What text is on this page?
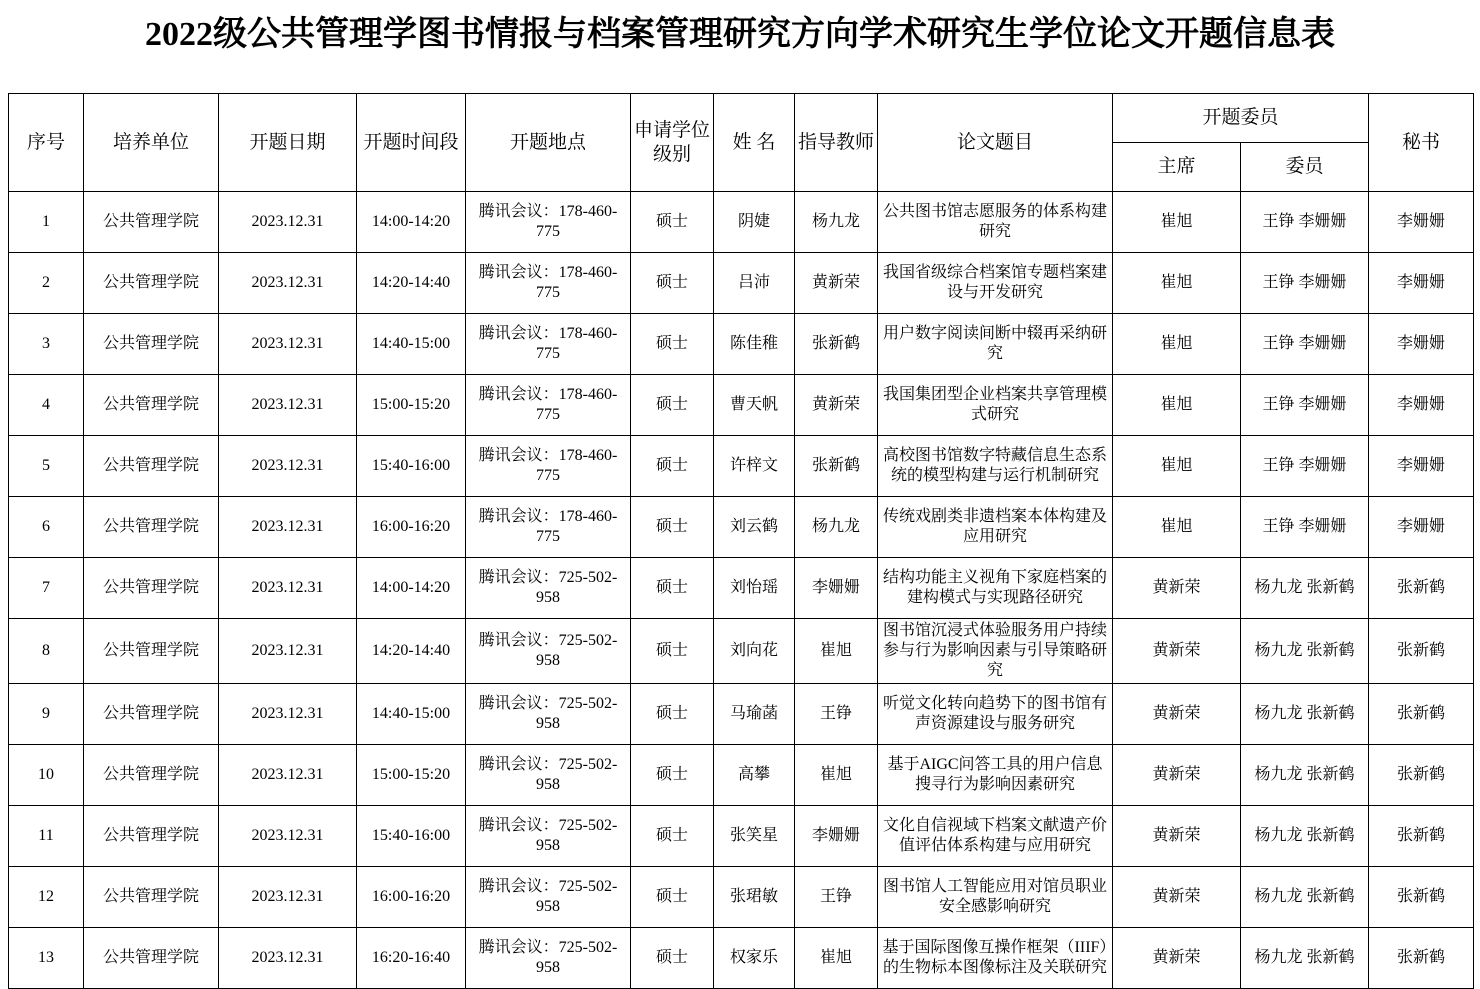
2022级公共管理学图书情报与档案管理研究方向学术研究生学位论文开题信息表
序号	培养单位	开题日期	开题时间段	开题地点	申请学位级别	姓 名	指导教师	论文题目	开题委员		秘书
									主席	委员	
1	公共管理学院	2023.12.31	14:00-14:20	腾讯会议：178-460-775	硕士	阴婕	杨九龙	公共图书馆志愿服务的体系构建研究	崔旭	王铮 李姗姗	李姗姗
2	公共管理学院	2023.12.31	14:20-14:40	腾讯会议：178-460-775	硕士	吕沛	黄新荣	我国省级综合档案馆专题档案建设与开发研究	崔旭	王铮 李姗姗	李姗姗
3	公共管理学院	2023.12.31	14:40-15:00	腾讯会议：178-460-775	硕士	陈佳稚	张新鹤	用户数字阅读间断中辍再采纳研究	崔旭	王铮 李姗姗	李姗姗
4	公共管理学院	2023.12.31	15:00-15:20	腾讯会议：178-460-775	硕士	曹天帆	黄新荣	我国集团型企业档案共享管理模式研究	崔旭	王铮 李姗姗	李姗姗
5	公共管理学院	2023.12.31	15:40-16:00	腾讯会议：178-460-775	硕士	许梓文	张新鹤	高校图书馆数字特藏信息生态系统的模型构建与运行机制研究	崔旭	王铮 李姗姗	李姗姗
6	公共管理学院	2023.12.31	16:00-16:20	腾讯会议：178-460-775	硕士	刘云鹤	杨九龙	传统戏剧类非遗档案本体构建及应用研究	崔旭	王铮 李姗姗	李姗姗
7	公共管理学院	2023.12.31	14:00-14:20	腾讯会议：725-502-958	硕士	刘怡瑶	李姗姗	结构功能主义视角下家庭档案的建构模式与实现路径研究	黄新荣	杨九龙 张新鹤	张新鹤
8	公共管理学院	2023.12.31	14:20-14:40	腾讯会议：725-502-958	硕士	刘向花	崔旭	图书馆沉浸式体验服务用户持续参与行为影响因素与引导策略研究	黄新荣	杨九龙 张新鹤	张新鹤
9	公共管理学院	2023.12.31	14:40-15:00	腾讯会议：725-502-958	硕士	马瑜菡	王铮	听觉文化转向趋势下的图书馆有声资源建设与服务研究	黄新荣	杨九龙 张新鹤	张新鹤
10	公共管理学院	2023.12.31	15:00-15:20	腾讯会议：725-502-958	硕士	高攀	崔旭	基于AIGC问答工具的用户信息搜寻行为影响因素研究	黄新荣	杨九龙 张新鹤	张新鹤
11	公共管理学院	2023.12.31	15:40-16:00	腾讯会议：725-502-958	硕士	张笑星	李姗姗	文化自信视域下档案文献遗产价值评估体系构建与应用研究	黄新荣	杨九龙 张新鹤	张新鹤
12	公共管理学院	2023.12.31	16:00-16:20	腾讯会议：725-502-958	硕士	张珺敏	王铮	图书馆人工智能应用对馆员职业安全感影响研究	黄新荣	杨九龙 张新鹤	张新鹤
13	公共管理学院	2023.12.31	16:20-16:40	腾讯会议：725-502-958	硕士	权家乐	崔旭	基于国际图像互操作框架（IIIF）的生物标本图像标注及关联研究	黄新荣	杨九龙 张新鹤	张新鹤
